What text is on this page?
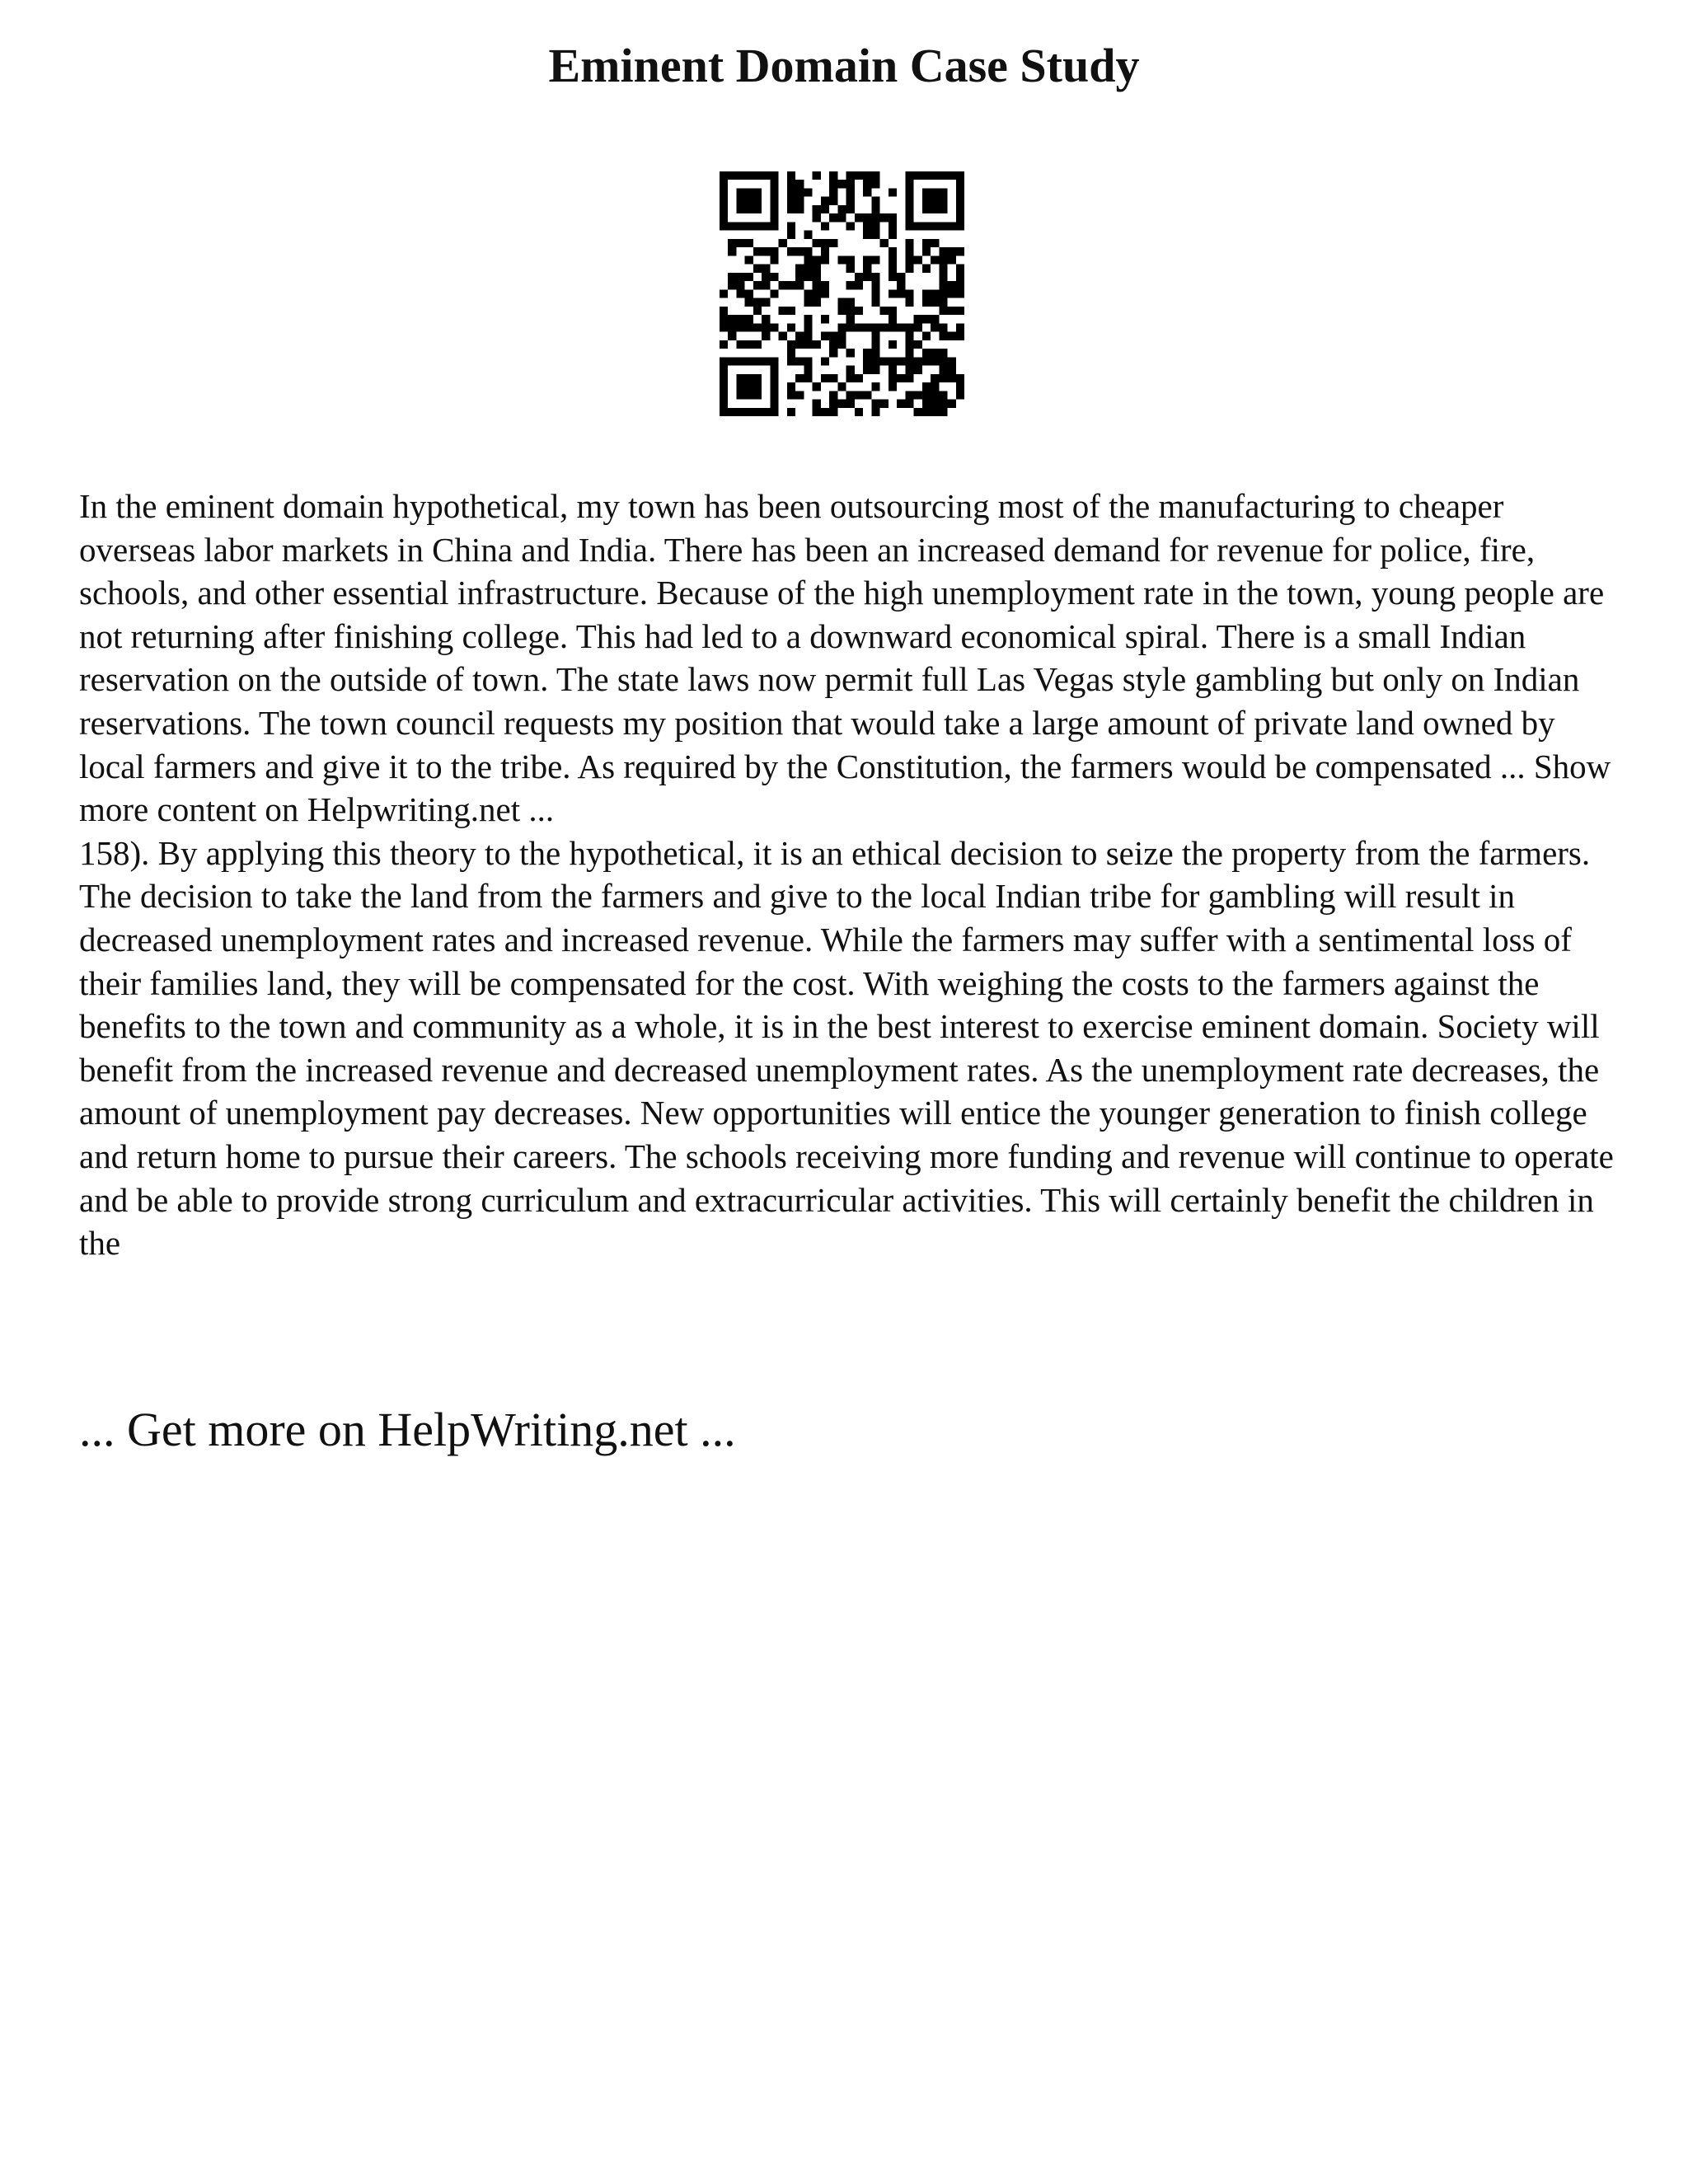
Eminent Domain Case Study

In the eminent domain hypothetical, my town has been outsourcing most of the manufacturing to cheaper overseas labor markets in China and India. There has been an increased demand for revenue for police, fire, schools, and other essential infrastructure. Because of the high unemployment rate in the town, young people are not returning after finishing college. This had led to a downward economical spiral. There is a small Indian reservation on the outside of town. The state laws now permit full Las Vegas style gambling but only on Indian reservations. The town council requests my position that would take a large amount of private land owned by local farmers and give it to the tribe. As required by the Constitution, the farmers would be compensated ... Show more content on Helpwriting.net ...

158). By applying this theory to the hypothetical, it is an ethical decision to seize the property from the farmers. The decision to take the land from the farmers and give to the local Indian tribe for gambling will result in decreased unemployment rates and increased revenue. While the farmers may suffer with a sentimental loss of their families land, they will be compensated for the cost. With weighing the costs to the farmers against the benefits to the town and community as a whole, it is in the best interest to exercise eminent domain. Society will benefit from the increased revenue and decreased unemployment rates. As the unemployment rate decreases, the amount of unemployment pay decreases. New opportunities will entice the younger generation to finish college and return home to pursue their careers. The schools receiving more funding and revenue will continue to operate and be able to provide strong curriculum and extracurricular activities. This will certainly benefit the children in the

... Get more on HelpWriting.net ...
